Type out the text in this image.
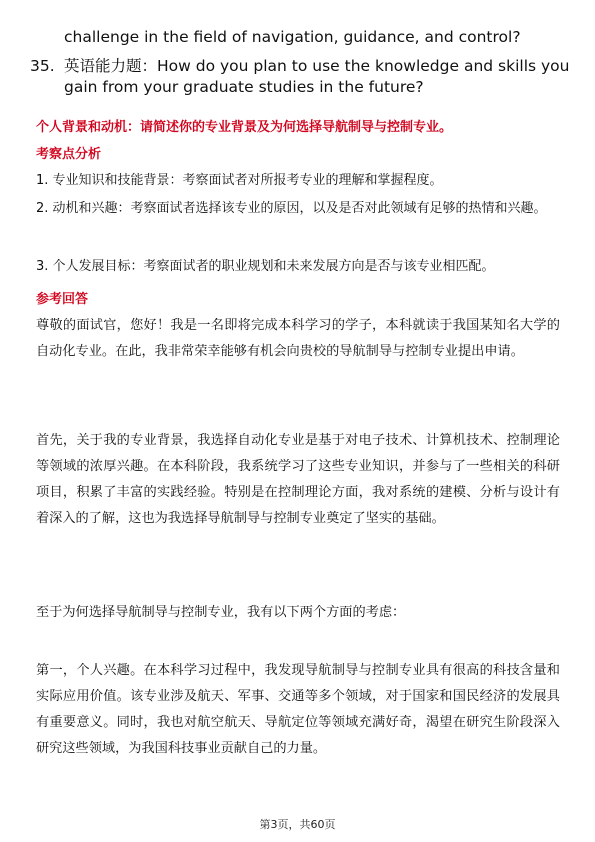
challenge in the field of navigation, guidance, and control?
35. 英语能力题：How do you plan to use the knowledge and skills you gain from your graduate studies in the future?
个人背景和动机：请简述你的专业背景及为何选择导航制导与控制专业。
考察点分析
1. 专业知识和技能背景：考察面试者对所报考专业的理解和掌握程度。
2. 动机和兴趣：考察面试者选择该专业的原因，以及是否对此领域有足够的热情和兴趣。
3. 个人发展目标：考察面试者的职业规划和未来发展方向是否与该专业相匹配。
参考回答
尊敬的面试官，您好！我是一名即将完成本科学习的学子，本科就读于我国某知名大学的自动化专业。在此，我非常荣幸能够有机会向贵校的导航制导与控制专业提出申请。
首先，关于我的专业背景，我选择自动化专业是基于对电子技术、计算机技术、控制理论等领域的浓厚兴趣。在本科阶段，我系统学习了这些专业知识，并参与了一些相关的科研项目，积累了丰富的实践经验。特别是在控制理论方面，我对系统的建模、分析与设计有着深入的了解，这也为我选择导航制导与控制专业奠定了坚实的基础。
至于为何选择导航制导与控制专业，我有以下两个方面的考虑：
第一，个人兴趣。在本科学习过程中，我发现导航制导与控制专业具有很高的科技含量和实际应用价值。该专业涉及航天、军事、交通等多个领域，对于国家和国民经济的发展具有重要意义。同时，我也对航空航天、导航定位等领域充满好奇，渴望在研究生阶段深入研究这些领域，为我国科技事业贡献自己的力量。
第3页，共60页
